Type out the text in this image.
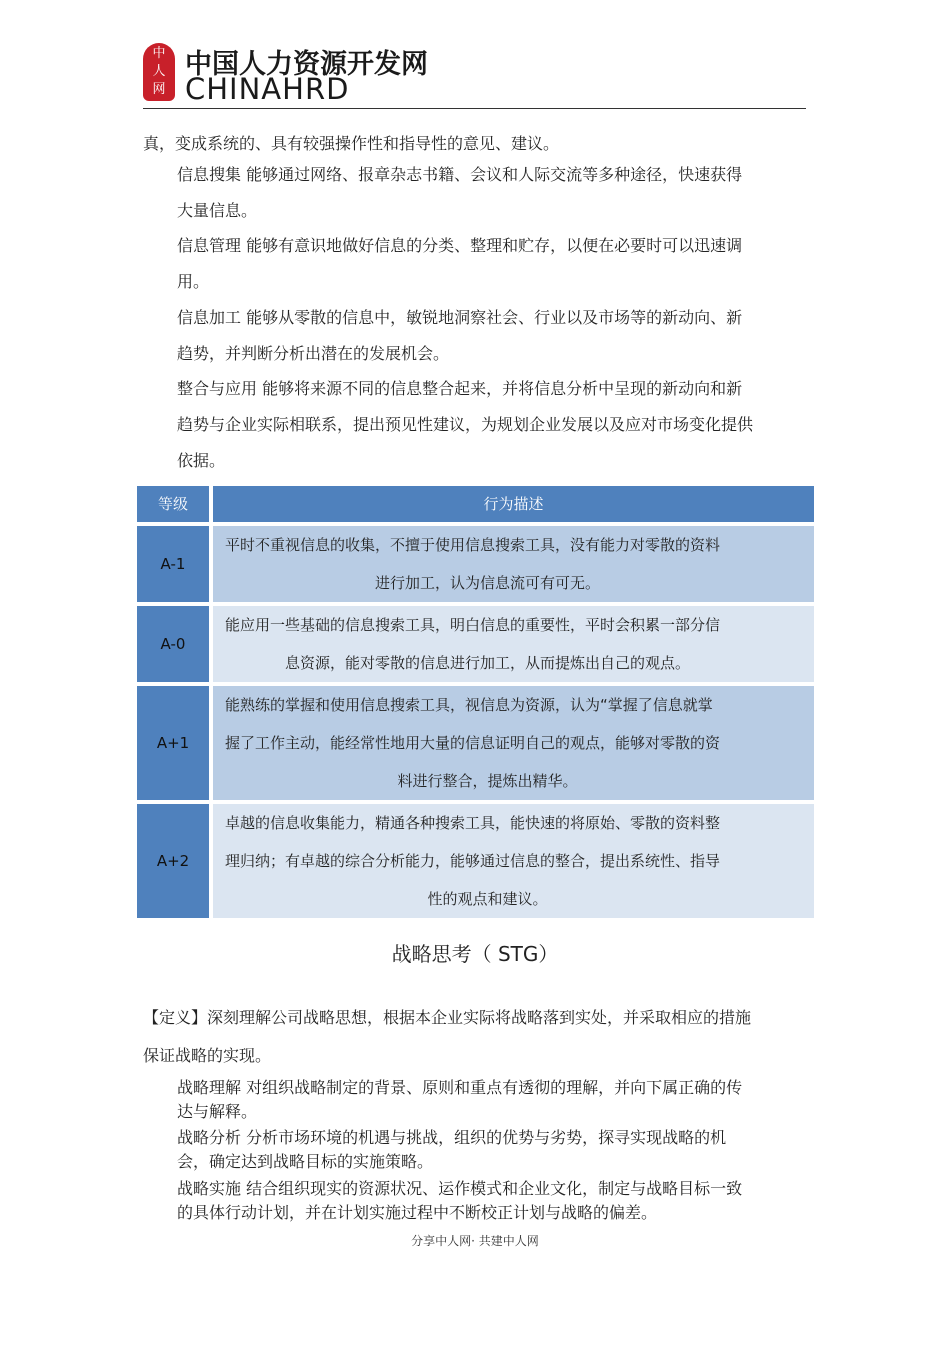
中
人
网
中国人力资源开发网
CHINAHRD
真，变成系统的、具有较强操作性和指导性的意见、建议。
信息搜集 能够通过网络、报章杂志书籍、会议和人际交流等多种途径，快速获得大量信息。
信息管理 能够有意识地做好信息的分类、整理和贮存，以便在必要时可以迅速调用。
信息加工 能够从零散的信息中，敏锐地洞察社会、行业以及市场等的新动向、新趋势，并判断分析出潜在的发展机会。
整合与应用 能够将来源不同的信息整合起来，并将信息分析中呈现的新动向和新趋势与企业实际相联系，提出预见性建议，为规划企业发展以及应对市场变化提供依据。
等级	行为描述
A-1
平时不重视信息的收集，不擅于使用信息搜索工具，没有能力对零散的资料
进行加工，认为信息流可有可无。
A-0
能应用一些基础的信息搜索工具，明白信息的重要性，平时会积累一部分信
息资源，能对零散的信息进行加工，从而提炼出自己的观点。
A+1
能熟练的掌握和使用信息搜索工具，视信息为资源，认为“掌握了信息就掌
握了工作主动，能经常性地用大量的信息证明自己的观点，能够对零散的资
料进行整合，提炼出精华。
A+2
卓越的信息收集能力，精通各种搜索工具，能快速的将原始、零散的资料整
理归纳；有卓越的综合分析能力，能够通过信息的整合，提出系统性、指导
性的观点和建议。
战略思考（ STG）
【定义】深刻理解公司战略思想，根据本企业实际将战略落到实处，并采取相应的措施
保证战略的实现。
战略理解 对组织战略制定的背景、原则和重点有透彻的理解，并向下属正确的传达与解释。
战略分析 分析市场环境的机遇与挑战，组织的优势与劣势，探寻实现战略的机会，确定达到战略目标的实施策略。
战略实施 结合组织现实的资源状况、运作模式和企业文化，制定与战略目标一致的具体行动计划，并在计划实施过程中不断校正计划与战略的偏差。
分享中人网· 共建中人网
